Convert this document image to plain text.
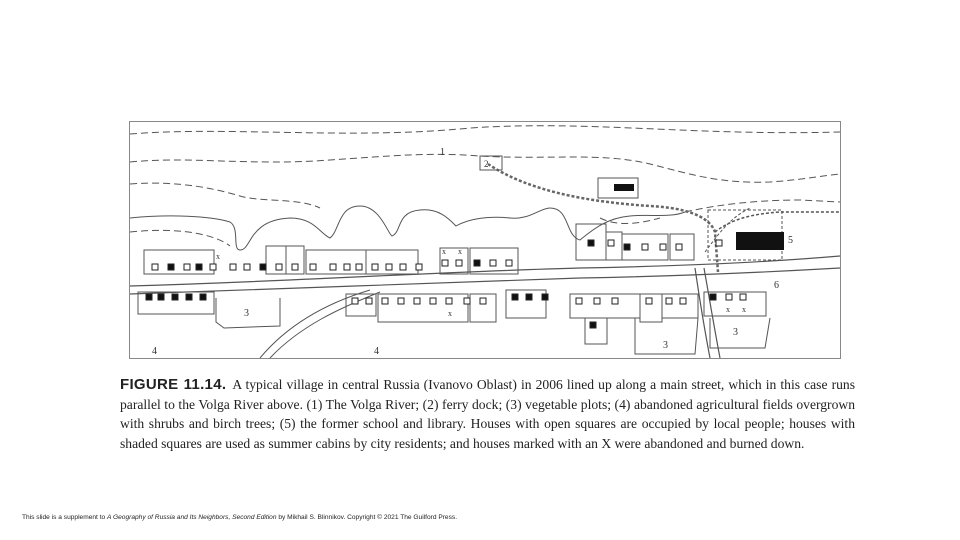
1
2
5
6
3
3
3
4	4
x
x x
x	x x
FIGURE 11.14. A typical village in central Russia (Ivanovo Oblast) in 2006 lined up along a main street, which in this case runs parallel to the Volga River above. (1) The Volga River; (2) ferry dock; (3) vegetable plots; (4) abandoned agricultural fields overgrown with shrubs and birch trees; (5) the former school and library. Houses with open squares are occupied by local people; houses with shaded squares are used as summer cabins by city residents; and houses marked with an X were abandoned and burned down.
This slide is a supplement to A Geography of Russia and Its Neighbors, Second Edition by Mikhail S. Blinnikov. Copyright © 2021 The Guilford Press.
